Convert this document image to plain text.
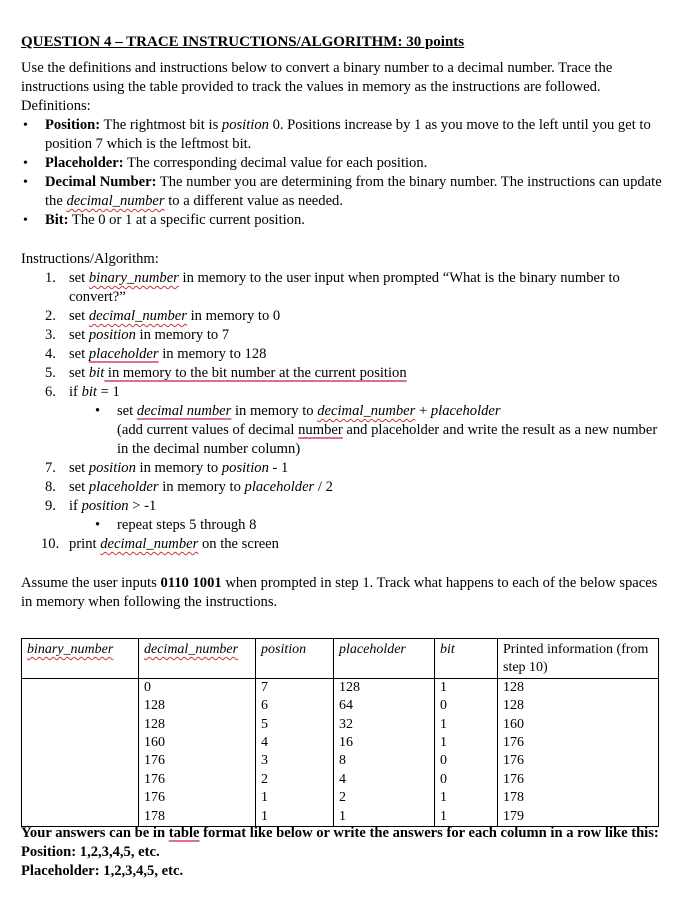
QUESTION 4 – TRACE INSTRUCTIONS/ALGORITHM: 30 points

Use the definitions and instructions below to convert a binary number to a decimal number. Trace the instructions using the table provided to track the values in memory as the instructions are followed.

Definitions:

• Position: The rightmost bit is position 0. Positions increase by 1 as you move to the left until you get to position 7 which is the leftmost bit.
• Placeholder: The corresponding decimal value for each position.
• Decimal Number: The number you are determining from the binary number. The instructions can update the decimal_number to a different value as needed.
• Bit: The 0 or 1 at a specific current position.

Instructions/Algorithm:

1. set binary_number in memory to the user input when prompted “What is the binary number to convert?”
2. set decimal_number in memory to 0
3. set position in memory to 7
4. set placeholder in memory to 128
5. set bit in memory to the bit number at the current position
6. if bit = 1
• set decimal number in memory to decimal_number + placeholder
(add current values of decimal number and placeholder and write the result as a new number in the decimal number column)
7. set position in memory to position - 1
8. set placeholder in memory to placeholder / 2
9. if position > -1
• repeat steps 5 through 8
10. print decimal_number on the screen

Assume the user inputs 0110 1001 when prompted in step 1. Track what happens to each of the below spaces in memory when following the instructions.

binary_number	decimal_number	position	placeholder	bit	Printed information (from step 10)
	0	7	128	1	128
	128	6	64	0	128
	128	5	32	1	160
	160	4	16	1	176
	176	3	8	0	176
	176	2	4	0	176
	176	1	2	1	178
	178	1	1	1	179

Your answers can be in table format like below or write the answers for each column in a row like this:

Position: 1,2,3,4,5, etc.

Placeholder: 1,2,3,4,5, etc.
